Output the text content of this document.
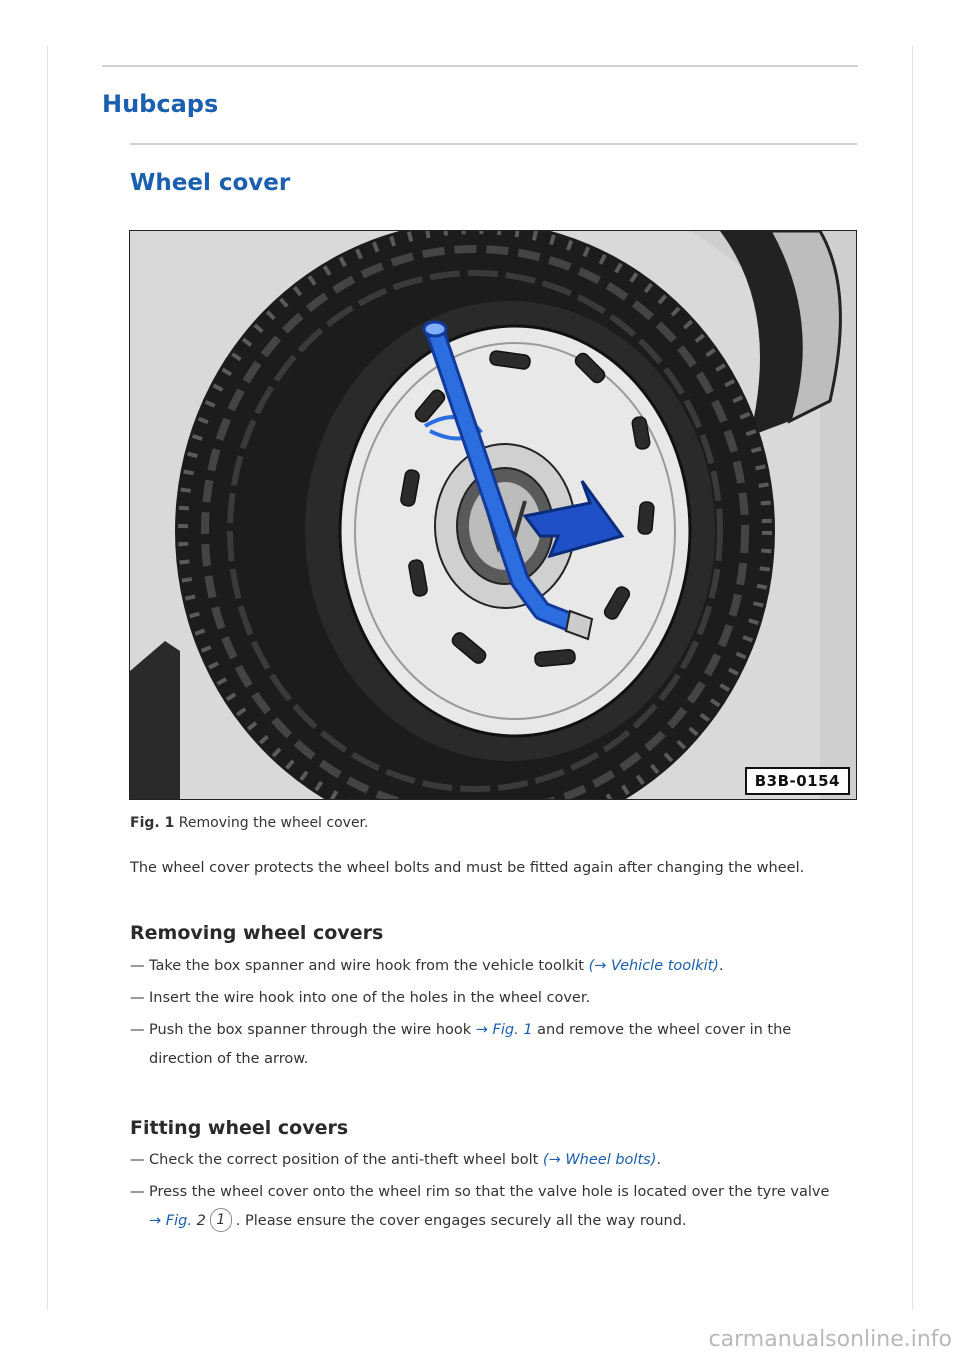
Hubcaps
Wheel cover
B3B-0154
Fig. 1 Removing the wheel cover.
The wheel cover protects the wheel bolts and must be fitted again after changing the wheel.
Removing wheel covers
— Take the box spanner and wire hook from the vehicle toolkit (→ Vehicle toolkit).
— Insert the wire hook into one of the holes in the wheel cover.
— Push the box spanner through the wire hook → Fig. 1 and remove the wheel cover in the
direction of the arrow.
Fitting wheel covers
— Check the correct position of the anti-theft wheel bolt (→ Wheel bolts).
— Press the wheel cover onto the wheel rim so that the valve hole is located over the tyre valve
→ Fig. 2 1 . Please ensure the cover engages securely all the way round.
carmanualsonline.info
